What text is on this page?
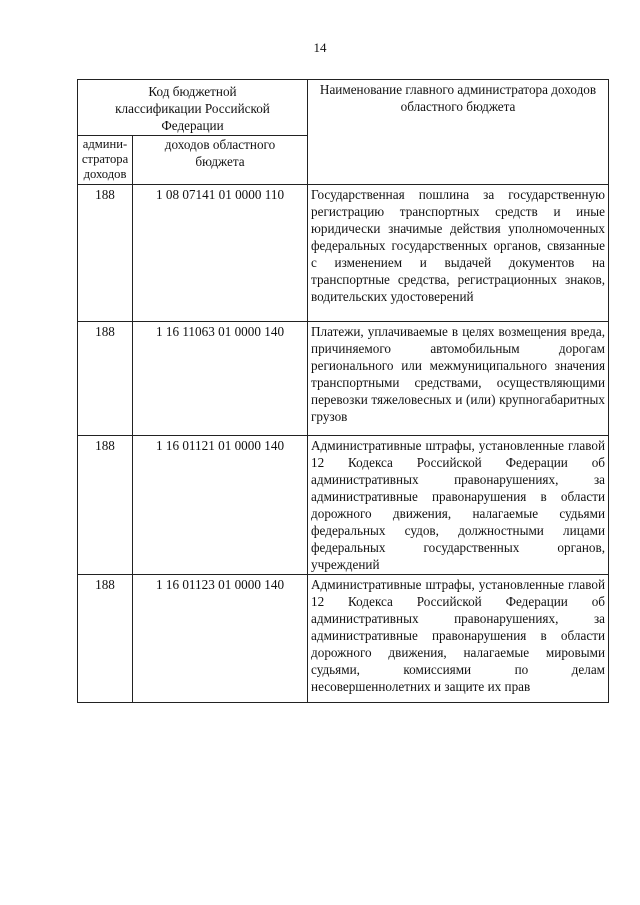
14
Код бюджетной классификации Российской Федерации		Наименование главного администратора доходов областного бюджета
админи-стратора доходов	доходов областного бюджета	
188	1 08 07141 01 0000 110	Государственная пошлина за государственную регистрацию транспортных средств и иные юридически значимые действия уполномоченных федеральных государственных органов, связанные с изменением и выдачей документов на транспортные средства, регистрационных знаков, водительских удостоверений
188	1 16 11063 01 0000 140	Платежи, уплачиваемые в целях возмещения вреда, причиняемого автомобильным дорогам регионального или межмуниципального значения транспортными средствами, осуществляющими перевозки тяжеловесных и (или) крупногабаритных грузов
188	1 16 01121 01 0000 140	Административные штрафы, установленные главой 12 Кодекса Российской Федерации об административных правонарушениях, за административные правонарушения в области дорожного движения, налагаемые судьями федеральных судов, должностными лицами федеральных государственных органов, учреждений
188	1 16 01123 01 0000 140	Административные штрафы, установленные главой 12 Кодекса Российской Федерации об административных правонарушениях, за административные правонарушения в области дорожного движения, налагаемые мировыми судьями, комиссиями по делам несовершеннолетних и защите их прав
